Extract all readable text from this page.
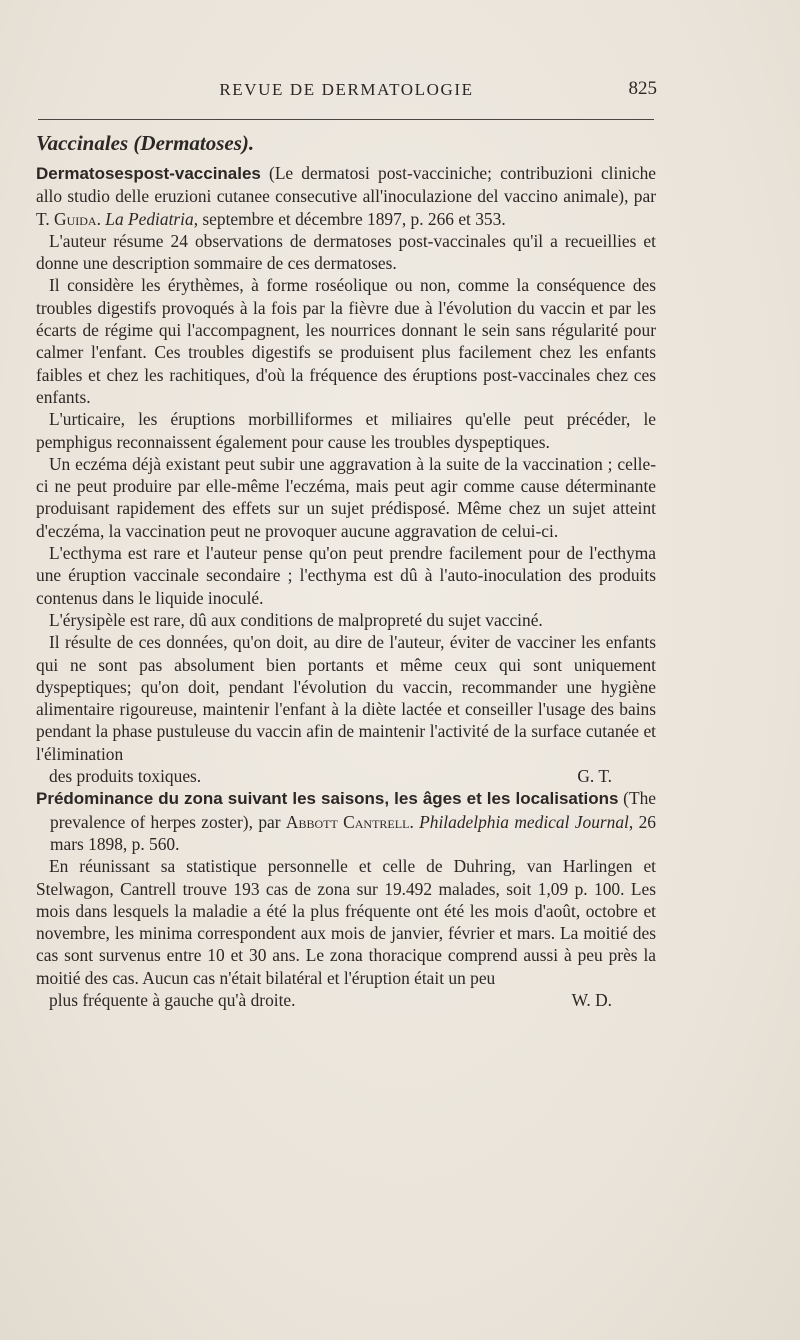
REVUE DE DERMATOLOGIE	825
Vaccinales (Dermatoses).

Dermatosespost-vaccinales (Le dermatosi post-vacciniche; contribuzioni cliniche allo studio delle eruzioni cutanee consecutive all'inoculazione del vaccino animale), par T. Guida. La Pediatria, septembre et décembre 1897, p. 266 et 353.

L'auteur résume 24 observations de dermatoses post-vaccinales qu'il a recueillies et donne une description sommaire de ces dermatoses.

Il considère les érythèmes, à forme roséolique ou non, comme la conséquence des troubles digestifs provoqués à la fois par la fièvre due à l'évolution du vaccin et par les écarts de régime qui l'accompagnent, les nourrices donnant le sein sans régularité pour calmer l'enfant. Ces troubles digestifs se produisent plus facilement chez les enfants faibles et chez les rachitiques, d'où la fréquence des éruptions post-vaccinales chez ces enfants.

L'urticaire, les éruptions morbilliformes et miliaires qu'elle peut précéder, le pemphigus reconnaissent également pour cause les troubles dyspeptiques.

Un eczéma déjà existant peut subir une aggravation à la suite de la vaccination ; celle-ci ne peut produire par elle-même l'eczéma, mais peut agir comme cause déterminante produisant rapidement des effets sur un sujet prédisposé. Même chez un sujet atteint d'eczéma, la vaccination peut ne provoquer aucune aggravation de celui-ci.

L'ecthyma est rare et l'auteur pense qu'on peut prendre facilement pour de l'ecthyma une éruption vaccinale secondaire ; l'ecthyma est dû à l'auto-inoculation des produits contenus dans le liquide inoculé.

L'érysipèle est rare, dû aux conditions de malpropreté du sujet vacciné.

Il résulte de ces données, qu'on doit, au dire de l'auteur, éviter de vacciner les enfants qui ne sont pas absolument bien portants et même ceux qui sont uniquement dyspeptiques; qu'on doit, pendant l'évolution du vaccin, recommander une hygiène alimentaire rigoureuse, maintenir l'enfant à la diète lactée et conseiller l'usage des bains pendant la phase pustuleuse du vaccin afin de maintenir l'activité de la surface cutanée et l'élimination

des produits toxiques.	G. T.

Prédominance du zona suivant les saisons, les âges et les localisations (The prevalence of herpes zoster), par Abbott Cantrell. Philadelphia medical Journal, 26 mars 1898, p. 560.

En réunissant sa statistique personnelle et celle de Duhring, van Harlingen et Stelwagon, Cantrell trouve 193 cas de zona sur 19.492 malades, soit 1,09 p. 100. Les mois dans lesquels la maladie a été la plus fréquente ont été les mois d'août, octobre et novembre, les minima correspondent aux mois de janvier, février et mars. La moitié des cas sont survenus entre 10 et 30 ans. Le zona thoracique comprend aussi à peu près la moitié des cas. Aucun cas n'était bilatéral et l'éruption était un peu

plus fréquente à gauche qu'à droite.	W. D.
